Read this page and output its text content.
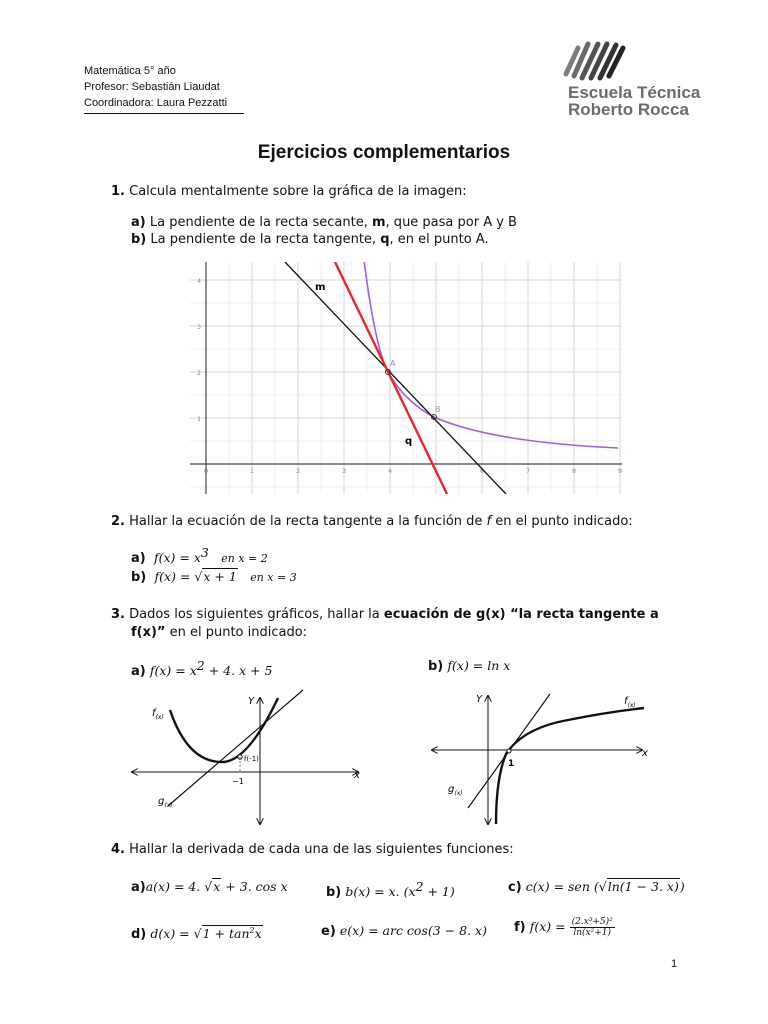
Matemática 5° año
Profesor: Sebastián Liaudat
Coordinadora: Laura Pezzatti
Escuela Técnica
Roberto Rocca
Ejercicios complementarios
1. Calcula mentalmente sobre la gráfica de la imagen:
a) La pendiente de la recta secante, m, que pasa por A y B
b) La pendiente de la recta tangente, q, en el punto A.
0	1	2	3	4	6	7	8	9
1
2
3
4
m
q
A
B
2. Hallar la ecuación de la recta tangente a la función de f en el punto indicado:
a) $f(x) = x^3$ en x = 2
b) f(x) = √x + 1 en x = 3
3. Dados los siguientes gráficos, hallar la ecuación de g(x) “la recta tangente a
f(x)” en el punto indicado:
a) $f(x) = x^2 + 4$. x + 5	b) f(x) = ln x
$f_{(x)}$
$g_{(x)}$
Y
x
f(-1)
−1
$f_{(x)}$
$g_{(x)}$
Y
x
1
4. Hallar la derivada de cada una de las siguientes funciones:
a)a(x) = 4. √x + 3. cos x	b) b(x) = x. $(x^2 + 1)$	c) c(x) = sen (√ln(1 − 3. x))
d) $d(x) = √1 + \tan^2x$	e) e(x) = arc cos(3 − 8. x) f) $f(x) = \frac{\text{(2.x³+5)²}}{\text{ln(x²+1)}}$
1
